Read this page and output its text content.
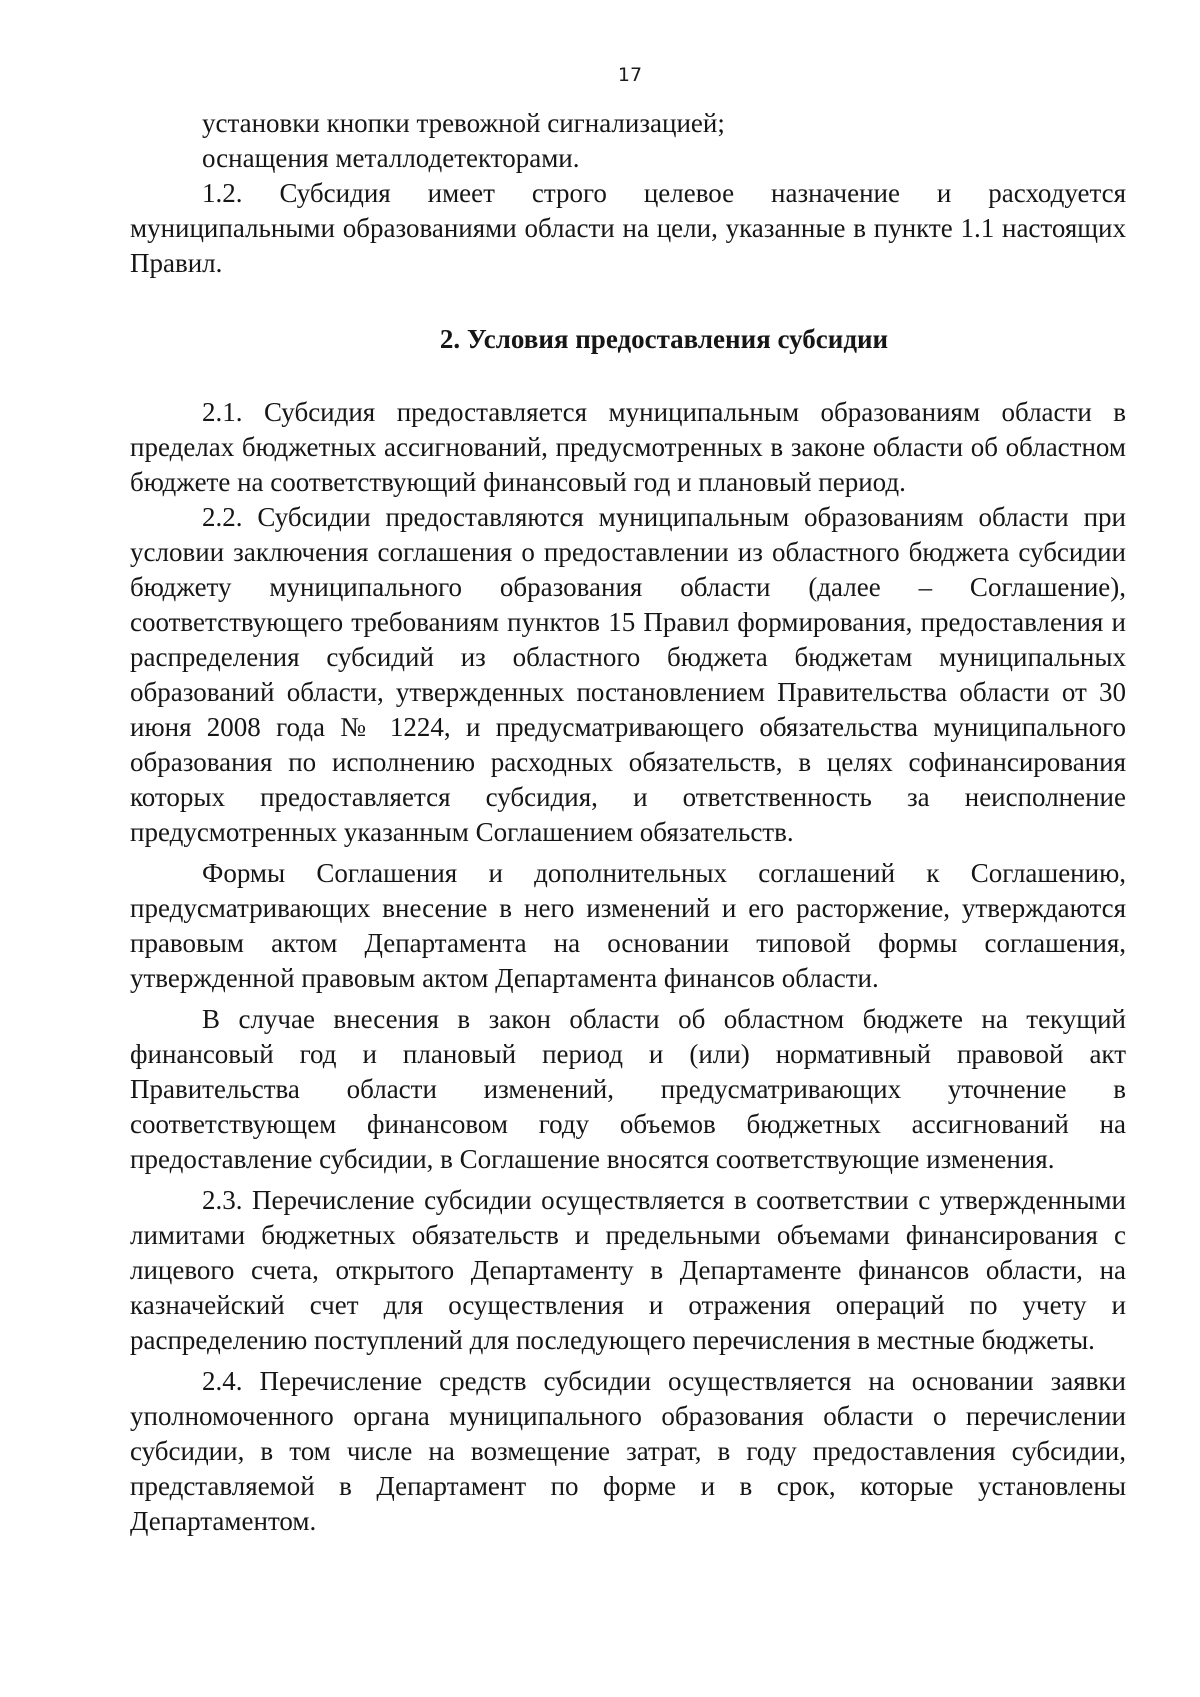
17

установки кнопки тревожной сигнализацией;

оснащения металлодетекторами.

1.2. Субсидия имеет строго целевое назначение и расходуется муниципальными образованиями области на цели, указанные в пункте 1.1 настоящих Правил.

2. Условия предоставления субсидии

2.1. Субсидия предоставляется муниципальным образованиям области в пределах бюджетных ассигнований, предусмотренных в законе области об областном бюджете на соответствующий финансовый год и плановый период.

2.2. Субсидии предоставляются муниципальным образованиям области при условии заключения соглашения о предоставлении из областного бюджета субсидии бюджету муниципального образования области (далее – Соглашение), соответствующего требованиям пунктов 15 Правил формирования, предоставления и распределения субсидий из областного бюджета бюджетам муниципальных образований области, утвержденных постановлением Правительства области от 30 июня 2008 года № 1224, и предусматривающего обязательства муниципального образования по исполнению расходных обязательств, в целях софинансирования которых предоставляется субсидия, и ответственность за неисполнение предусмотренных указанным Соглашением обязательств.

Формы Соглашения и дополнительных соглашений к Соглашению, предусматривающих внесение в него изменений и его расторжение, утверждаются правовым актом Департамента на основании типовой формы соглашения, утвержденной правовым актом Департамента финансов области.

В случае внесения в закон области об областном бюджете на текущий финансовый год и плановый период и (или) нормативный правовой акт Правительства области изменений, предусматривающих уточнение в соответствующем финансовом году объемов бюджетных ассигнований на предоставление субсидии, в Соглашение вносятся соответствующие изменения.

2.3. Перечисление субсидии осуществляется в соответствии с утвержденными лимитами бюджетных обязательств и предельными объемами финансирования с лицевого счета, открытого Департаменту в Департаменте финансов области, на казначейский счет для осуществления и отражения операций по учету и распределению поступлений для последующего перечисления в местные бюджеты.

2.4. Перечисление средств субсидии осуществляется на основании заявки уполномоченного органа муниципального образования области о перечислении субсидии, в том числе на возмещение затрат, в году предоставления субсидии, представляемой в Департамент по форме и в срок, которые установлены Департаментом.
